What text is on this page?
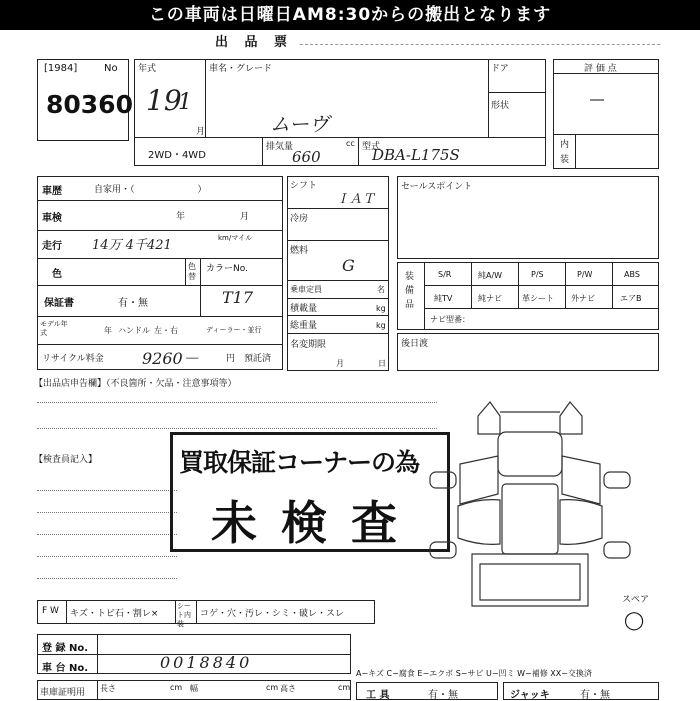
この車両は日曜日AM8:30からの搬出となります
出 品 票
[1984]	No
80360
年式
19
1
月
車名・グレード
ムーヴ
ドア
形状
2WD・4WD
排気量
660
cc 型式
DBA-L175S
評 価 点
―
内
装
車歴	自家用・（　　　　　　　）
車検	年	月
走行 14万 4千421	km/マイル
色
色替
カラーNo.
T17
保証書	有・無
モデル年式	年 ハンドル 左・右	ディーラー・並行
リサイクル料金 9260－	円 預託済
シフト
ＩＡＴ
冷房
燃料
G
乗車定員	名
積載量	kg
総重量	kg
名変期限
月	日
セールスポイント
装備品
S/R	純A/W	P/S	P/W	ABS
純TV	純ナビ	革シート 外ナビ	エアB
ナビ型番：
後日渡
【出品店申告欄】（不良箇所・欠品・注意事項等）
【検査員記入】	買取保証コーナーの為
未 検 査
スペア
◯
F W キズ・トビ石・割レ×
シート内装
コゲ・穴・汚レ・シミ・破レ・スレ
登 録 No.
車 台 No.	0018840
車庫証明用 長さ	cm 幅	cm 高さ	cm
A−キズ C−腐食 E−エクボ S−サビ U−凹ミ W−補修 XX−交換済
工 具	有・無	ジャッキ	有・無
